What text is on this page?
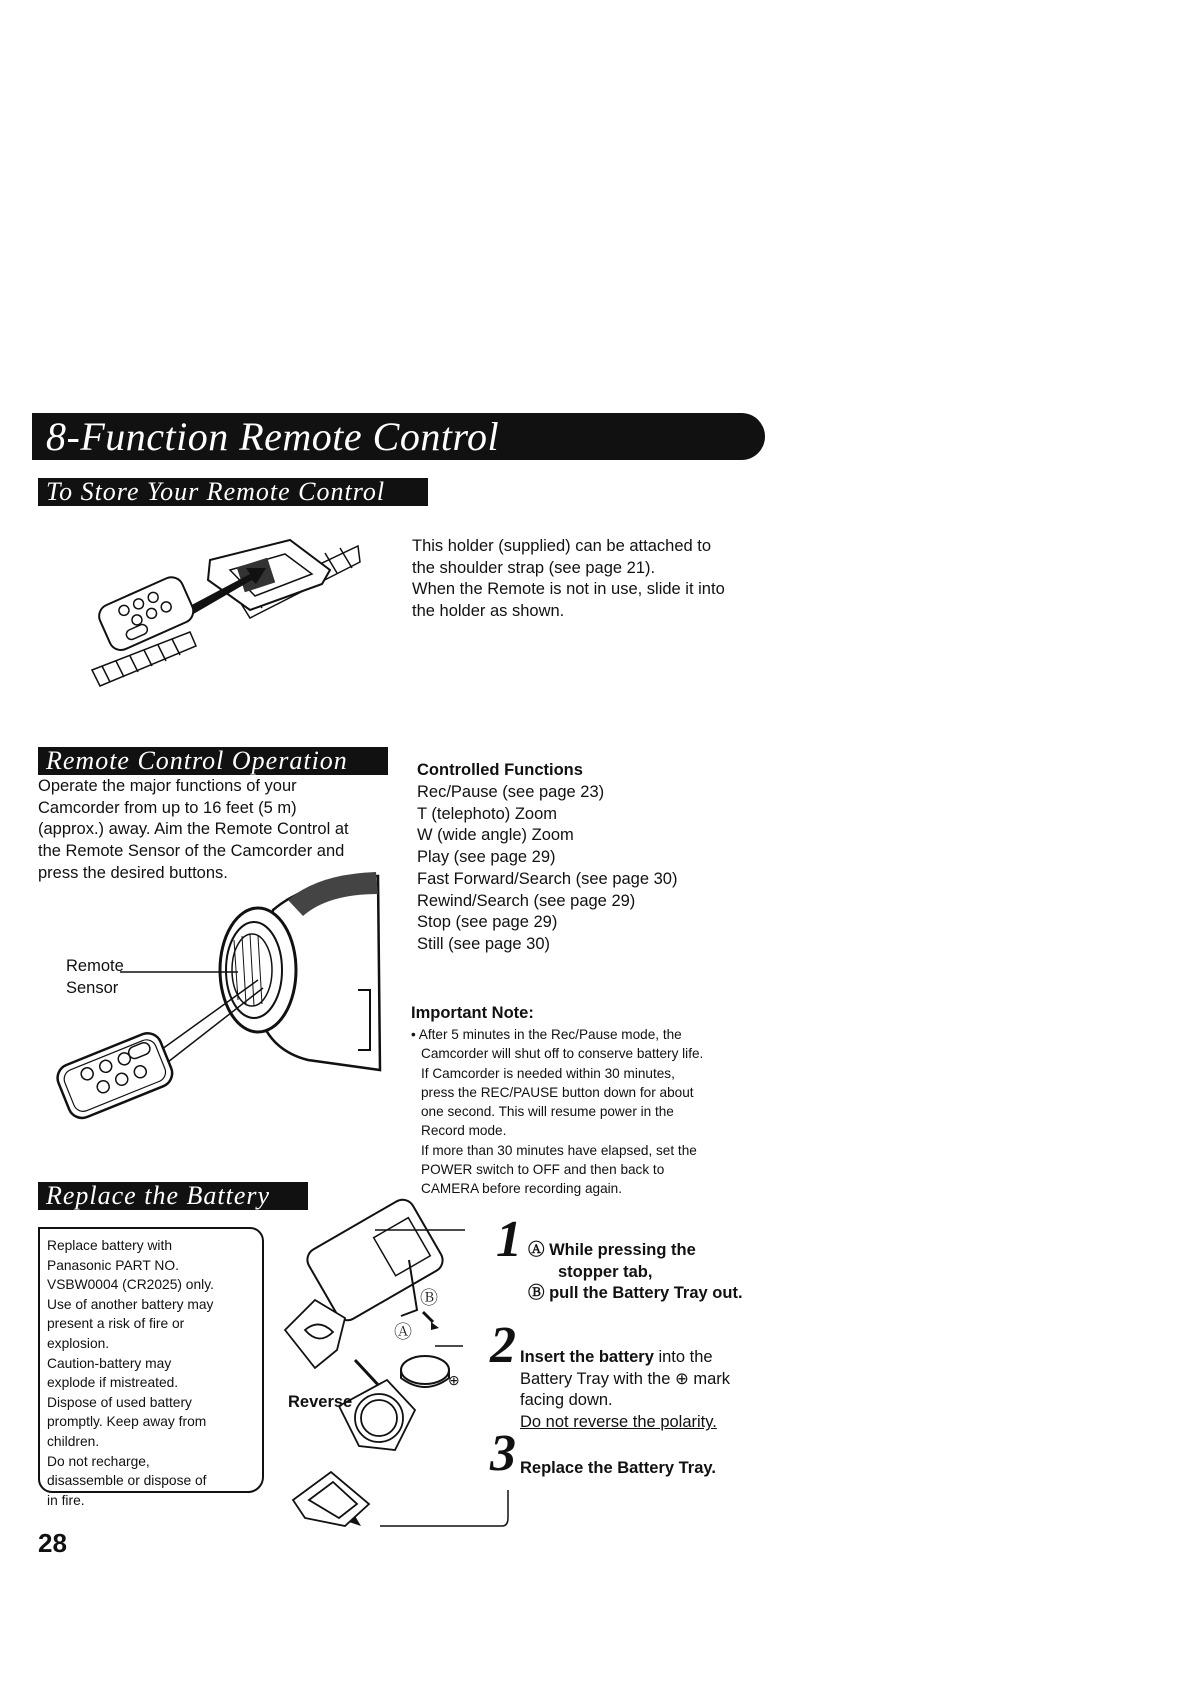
8-Function Remote Control
To Store Your Remote Control
This holder (supplied) can be attached to
the shoulder strap (see page 21).
When the Remote is not in use, slide it into
the holder as shown.
Remote Control Operation
Operate the major functions of your
Camcorder from up to 16 feet (5 m)
(approx.) away. Aim the Remote Control at
the Remote Sensor of the Camcorder and
press the desired buttons.
Remote
Sensor
Controlled Functions
Rec/Pause (see page 23)
T (telephoto) Zoom
W (wide angle) Zoom
Play (see page 29)
Fast Forward/Search (see page 30)
Rewind/Search (see page 29)
Stop (see page 29)
Still (see page 30)
Important Note:
• After 5 minutes in the Rec/Pause mode, the
Camcorder will shut off to conserve battery life.
If Camcorder is needed within 30 minutes,
press the REC/PAUSE button down for about
one second. This will resume power in the
Record mode.
If more than 30 minutes have elapsed, set the
POWER switch to OFF and then back to
CAMERA before recording again.
Replace the Battery
Replace battery with
Panasonic PART NO.
VSBW0004 (CR2025) only.
Use of another battery may
present a risk of fire or
explosion.
Caution-battery may
explode if mistreated.
Dispose of used battery
promptly. Keep away from
children.
Do not recharge,
disassemble or dispose of
in fire.
Reverse
Ⓑ
Ⓐ
⊕
1 Ⓐ While pressing the
stopper tab,
Ⓑ pull the Battery Tray out.
2 Insert the battery into the
Battery Tray with the ⊕ mark
facing down.
Do not reverse the polarity.
3 Replace the Battery Tray.
28
